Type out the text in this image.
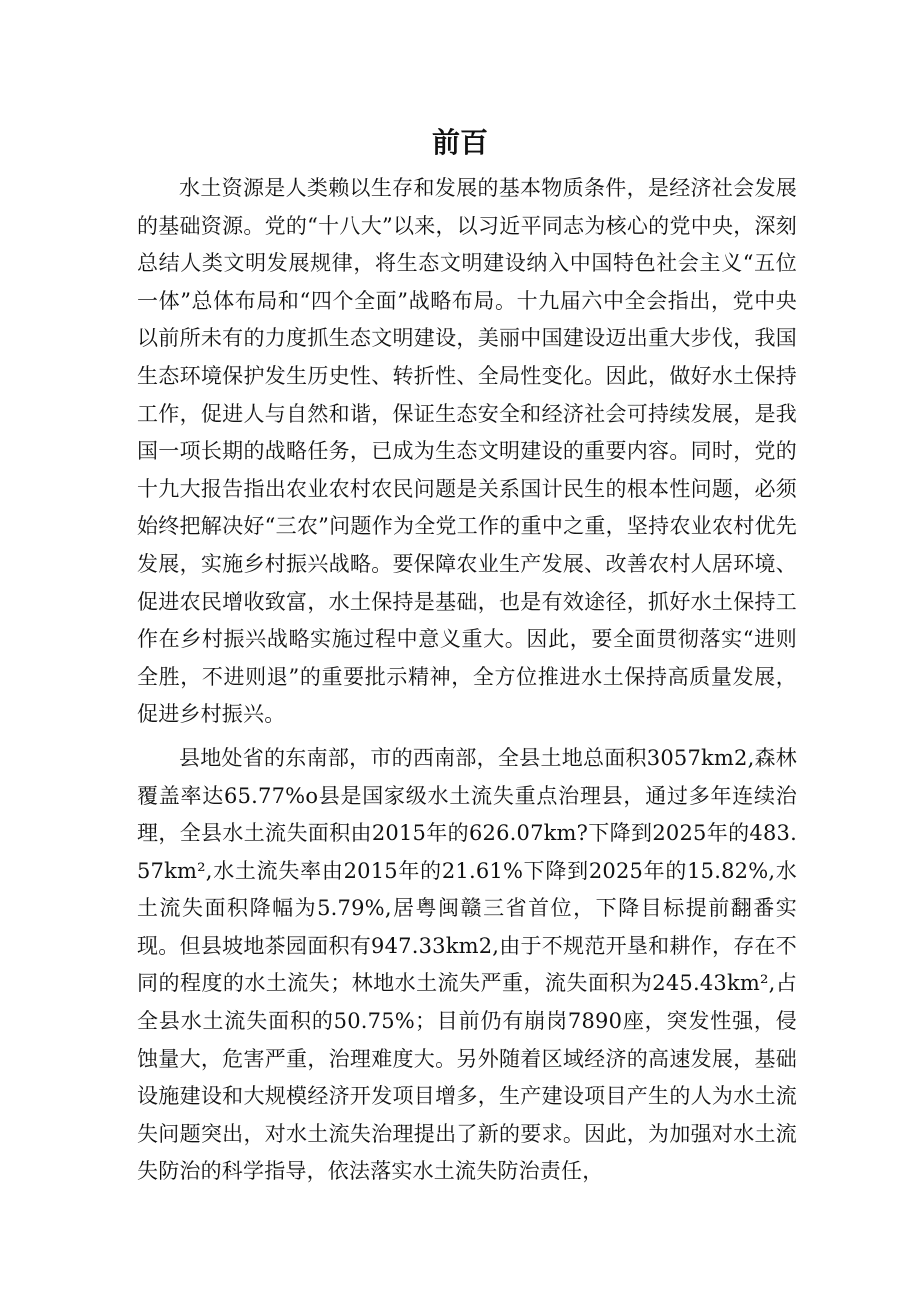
前百

水土资源是人类赖以生存和发展的基本物质条件，是经济社会发展的基础资源。党的“十八大”以来，以习近平同志为核心的党中央，深刻总结人类文明发展规律，将生态文明建设纳入中国特色社会主义“五位一体”总体布局和“四个全面”战略布局。十九届六中全会指出，党中央以前所未有的力度抓生态文明建设，美丽中国建设迈出重大步伐，我国生态环境保护发生历史性、转折性、全局性变化。因此，做好水土保持工作，促进人与自然和谐，保证生态安全和经济社会可持续发展，是我国一项长期的战略任务，已成为生态文明建设的重要内容。同时，党的十九大报告指出农业农村农民问题是关系国计民生的根本性问题，必须始终把解决好“三农”问题作为全党工作的重中之重，坚持农业农村优先发展，实施乡村振兴战略。要保障农业生产发展、改善农村人居环境、促进农民增收致富，水土保持是基础，也是有效途径，抓好水土保持工作在乡村振兴战略实施过程中意义重大。因此，要全面贯彻落实“进则全胜，不进则退”的重要批示精神，全方位推进水土保持高质量发展，促进乡村振兴。

县地处省的东南部，市的西南部，全县土地总面积3057km2,森林覆盖率达65.77%o县是国家级水土流失重点治理县，通过多年连续治理，全县水土流失面积由2015年的626.07km?下降到2025年的483.57km²,水土流失率由2015年的21.61%下降到2025年的15.82%,水土流失面积降幅为5.79%,居粤闽赣三省首位，下降目标提前翻番实现。但县坡地茶园面积有947.33km2,由于不规范开垦和耕作，存在不同的程度的水土流失；林地水土流失严重，流失面积为245.43km²,占全县水土流失面积的50.75%；目前仍有崩岗7890座，突发性强，侵蚀量大，危害严重，治理难度大。另外随着区域经济的高速发展，基础设施建设和大规模经济开发项目增多，生产建设项目产生的人为水土流失问题突出，对水土流失治理提出了新的要求。因此，为加强对水土流失防治的科学指导，依法落实水土流失防治责任，
